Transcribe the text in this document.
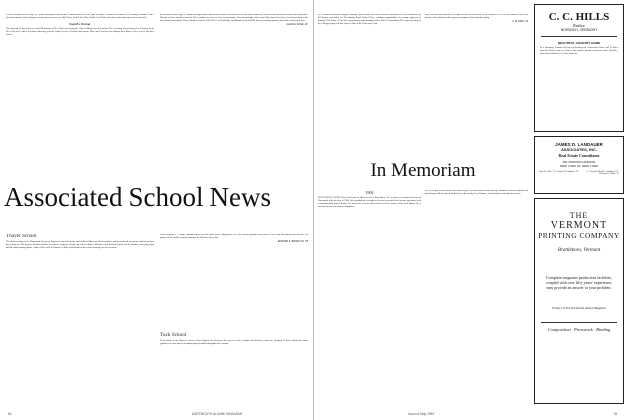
(To the members of the large 'g7 Maine contingent enrolled this Commencement we are glad to report a Hanover welcome to all visiting classmates and a pleasant reunion of the old group. Among those present were Bill Snow, Fred Ferrin, Dave Smith, Carl Poole and others who came up for the week-end.)

Cupid's Corner

The marriage of Jane Davis to Carol Williamson of New York was among the early wedding news this month. The ceremony was performed in February in the New York area, with a reception following, and the couple left for a Florida honeymoon. Dave and Carol are now making their home in New Jersey. Our best wishes.

the members of the large '97 Maine contingent and Chamberlain School. Our thanks to all who wrote with news, and we trust that the next issue will carry more. Reports of class activities from the West continue to come in. One of our number, Tom Scarbrough, writes from Ohio that he has been elected president of his local alumni association. Henry Smith is with the Gulf Oil Co. in Pittsburgh, and Norman Seip and Bill Jones are making plans to attend the reunion this June.

ALLEN E. PAGE, JR.

Associated School News

Thayer School

The thesis meeting of the Dartmouth Society of Engineers was held on the nineteenth of March at which members and guests heard reports by students on their thesis projects. The projects included studies of concrete, highway design and soil mechanics. Members also discussed plans for the summer surveying camp and the annual spring dinner, which will be held in Hanover in May with alumni of the school returning for the occasion.

North Augusta, S. C. plant. Announcement was also made of the engagement of a Tuck School graduate who joined a New York investment firm last fall. The group voted to hold its annual outing at the Hanover Inn in June.

EDWARD S. BROWN JR. '55

Tuck School

In an article in the Hanover Gazette, Dean Upgren has discussed the success of the seminar and business conference program at Tuck, noting that many graduates are now placed in management positions throughout the country.

80	DARTMOUTH ALUMNI MAGAZINE

of Cleveland Hardware Forging Company, spoke before the Hotel Phoenix Association. He was introduced by Ed Rogers and talked on 'Developing Rural Youth Policy,' outlining opportunities for young engineers in industry. Pete Kurtz '37 has been promoted to plant manager with a firm in Connecticut. The annual meeting of the Chicago group will take place in June at the University Club.

fully executed and furnished, it helps us raise the social life of the school as a well as the financial side. Our thanks to the alumni for their generous support of the fund this spring.

A. W. FREY '12

In Memoriam

1904

DANN SEVEN AVERY died at his home in Hanover after a long illness. He was born in Vermont and entered Dartmouth with the class of 1904. After graduation he taught for several years and later became associated with a manufacturing firm in Boston. He was active in civic affairs and served as a trustee of his local library. He is survived by his wife and two daughters.

The news got to first notice with much regret. He had many friends among classmates, and his warmth and good humor will be missed. Burial was in the family lot at Hanover, and classmates attended the service.

C. C. HILLS
Realtor
NORWICH, VERMONT
BEAUTIFUL COUNTRY HOME
In a charming Vermont hill top overlooking the Connecticut River and 15 miles from the Hanover line is a farm of fine maples, pastures and stone walls. Fireplace, barn and beautiful views. Price attractive.
JAMES D. LANDAUER
ASSOCIATES, INC.
Real Estate Consultants
501 MADISON AVENUE
NEW YORK 22, NEW YORK
John W. Albee '27 / James D. Landauer '23	G. Crawford Rudd / Columbia '27 / Howard G. Drake '55
THE
VERMONT
PRINTING COMPANY
Brattleboro, Vermont
Complete magazine production facilities,
coupled with over fifty years' experience,
may provide an answer to your problem.
Printers of The Dartmouth Alumni Magazine
Composition · Presswork · Binding
Issue of May 1954	81
